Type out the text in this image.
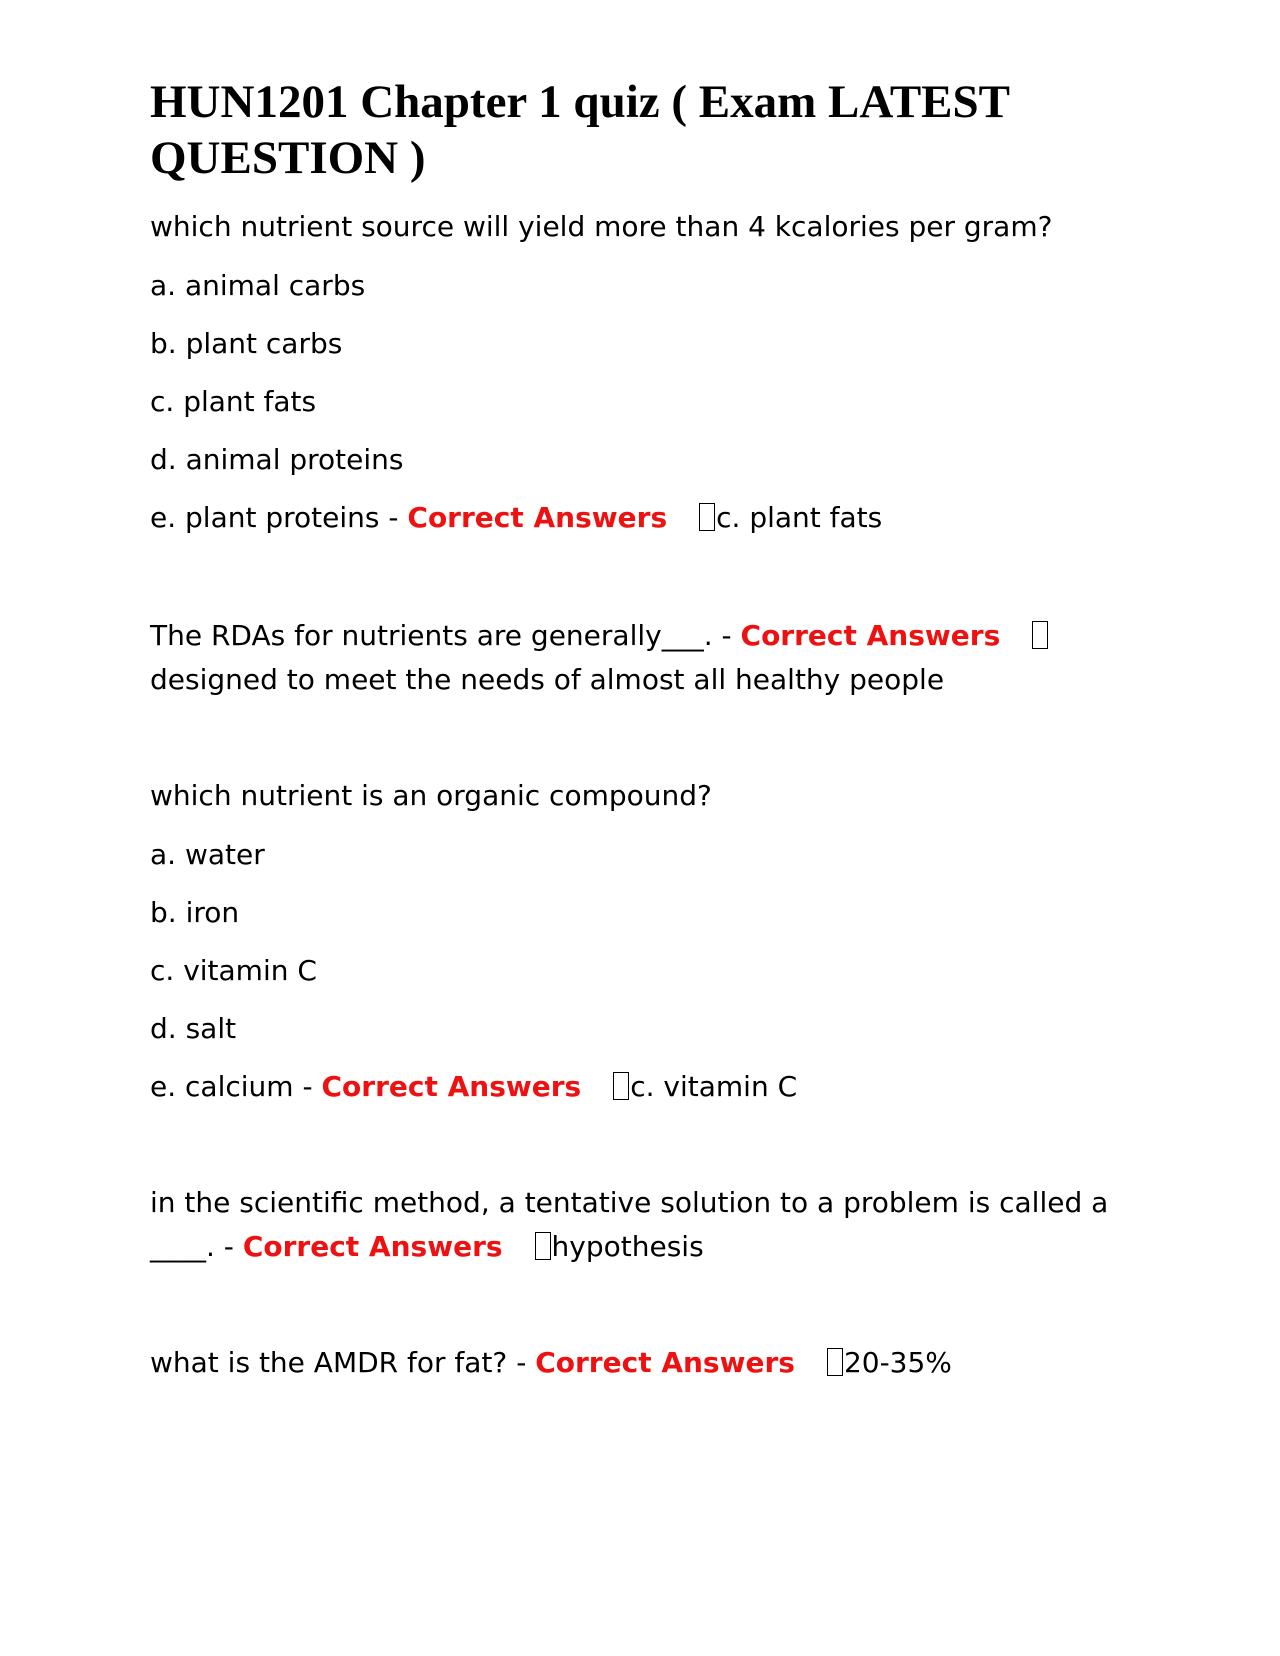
HUN1201 Chapter 1 quiz ( Exam LATEST QUESTION )

which nutrient source will yield more than 4 kcalories per gram?

a. animal carbs

b. plant carbs

c. plant fats

d. animal proteins

e. plant proteins - Correct Answers c. plant fats

The RDAs for nutrients are generally___. - Correct Answersdesigned to meet the needs of almost all healthy people

which nutrient is an organic compound?

a. water

b. iron

c. vitamin C

d. salt

e. calcium - Correct Answers c. vitamin C

in the scientific method, a tentative solution to a problem is called a ____. - Correct Answers hypothesis

what is the AMDR for fat? - Correct Answers 20-35%
